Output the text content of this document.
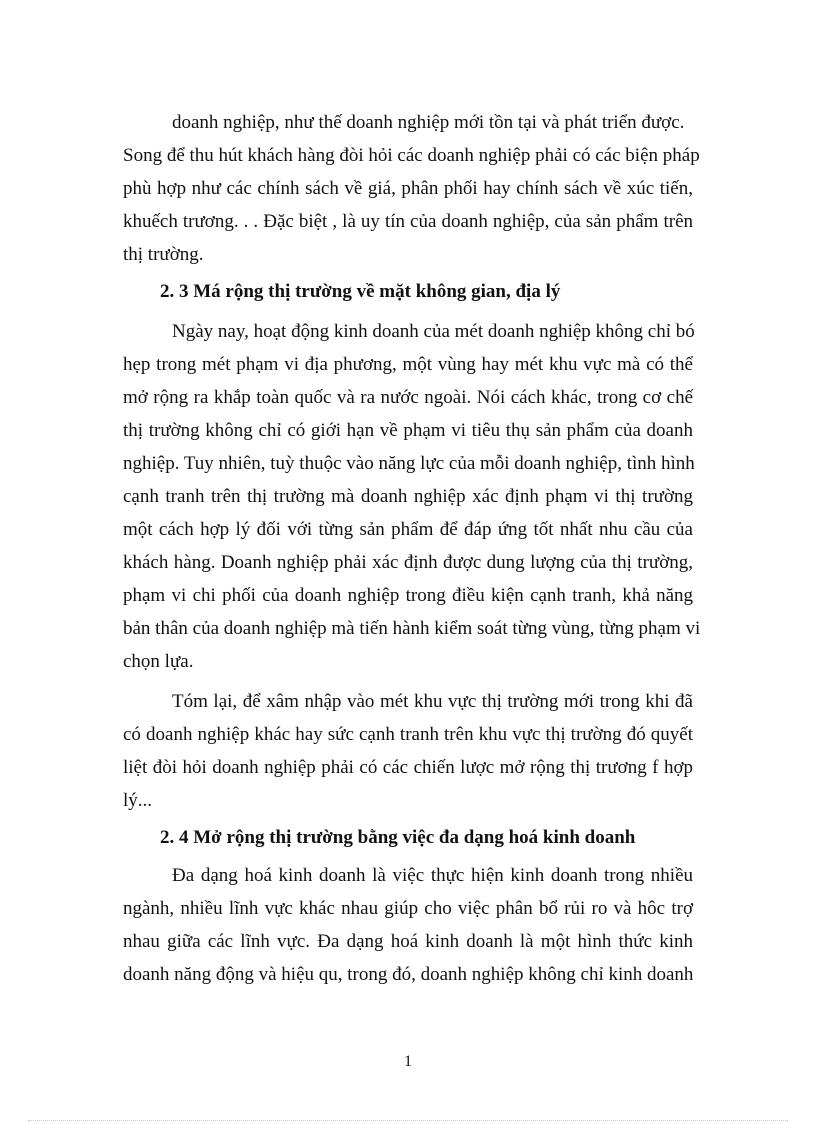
doanh nghiệp, như thế doanh nghiệp mới tồn tại và phát triển được.
Song để thu hút khách hàng đòi hỏi các doanh nghiệp phải có các biện pháp
phù hợp như các chính sách về giá, phân phối hay chính sách về xúc tiến,
khuếch trương. . . Đặc biệt , là uy tín của doanh nghiệp, của sản phẩm trên
thị trường.
2. 3 Má rộng thị trường về mặt không gian, địa lý
Ngày nay, hoạt động kinh doanh của mét doanh nghiệp không chỉ bó
hẹp trong mét phạm vi địa phương, một vùng hay mét khu vực mà có thể
mở rộng ra khắp toàn quốc và ra nước ngoài. Nói cách khác, trong cơ chế
thị trường không chỉ có giới hạn về phạm vi tiêu thụ sản phẩm của doanh
nghiệp. Tuy nhiên, tuỳ thuộc vào năng lực của mỗi doanh nghiệp, tình hình
cạnh tranh trên thị trường mà doanh nghiệp xác định phạm vi thị trường
một cách hợp lý đối với từng sản phẩm để đáp ứng tốt nhất nhu cầu của
khách hàng. Doanh nghiệp phải xác định được dung lượng của thị trường,
phạm vi chi phối của doanh nghiệp trong điều kiện cạnh tranh, khả năng
bản thân của doanh nghiệp mà tiến hành kiểm soát từng vùng, từng phạm vi
chọn lựa.
Tóm lại, để xâm nhập vào mét khu vực thị trường mới trong khi đã
có doanh nghiệp khác hay sức cạnh tranh trên khu vực thị trường đó quyết
liệt đòi hỏi doanh nghiệp phải có các chiến lược mở rộng thị trương f hợp
lý...
2. 4 Mở rộng thị trường bằng việc đa dạng hoá kinh doanh
Đa dạng hoá kinh doanh là việc thực hiện kinh doanh trong nhiều
ngành, nhiều lĩnh vực khác nhau giúp cho việc phân bổ rủi ro và hôc trợ
nhau giữa các lĩnh vực. Đa dạng hoá kinh doanh là một hình thức kinh
doanh năng động và hiệu qu, trong đó, doanh nghiệp không chỉ kinh doanh
1
